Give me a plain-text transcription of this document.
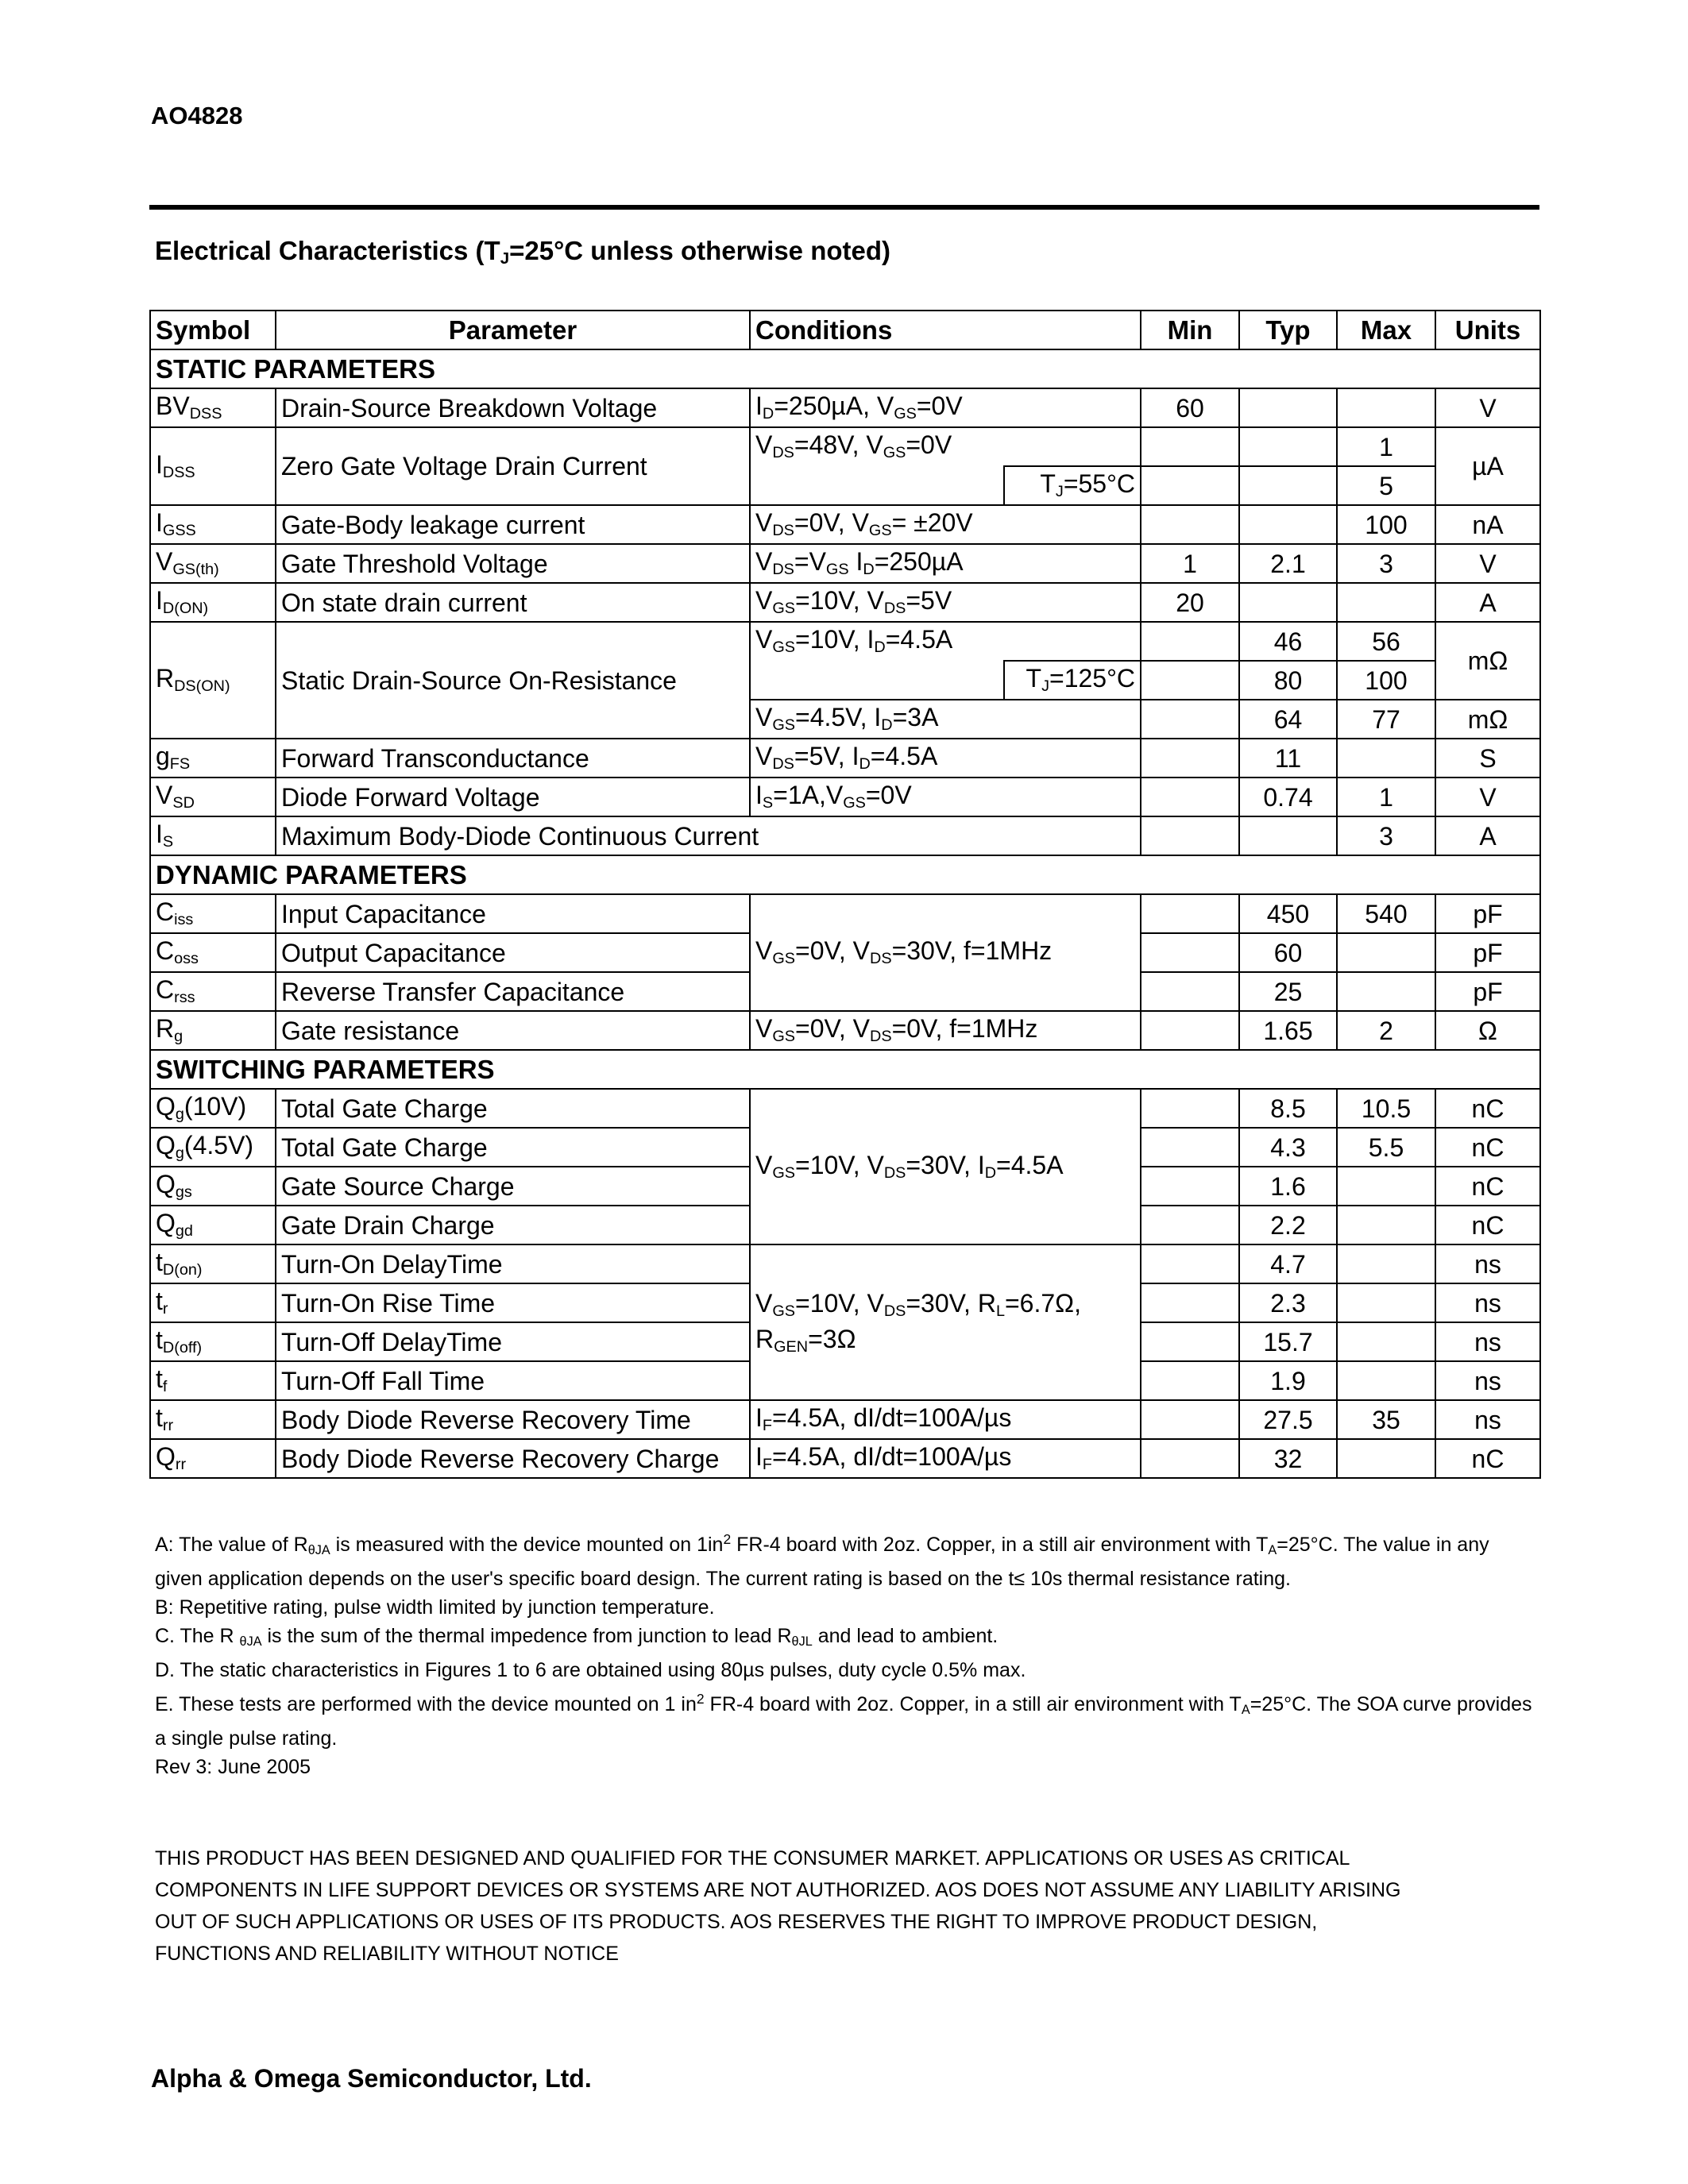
AO4828
Electrical Characteristics ($T_J=25^\circ C$ unless otherwise noted)
Symbol	Parameter	Conditions		Min	Typ	Max	Units
STATIC PARAMETERS							
$BV_{DSS}$	Drain-Source Breakdown Voltage	$I_D=250\mu A$, $V_{GS}=0V$		60			V
$I_{DSS}$	Zero Gate Voltage Drain Current	$V_{DS}=48V$, $V_{GS}=0V$				1	µA
			$T_J=55^\circ C$			5	
$I_{GSS}$	Gate-Body leakage current	$V_{DS}=0V$, $V_{GS}= \pm 20V$				100	nA
$V_{GS(th)}$	Gate Threshold Voltage	$V_{DS}=V_{GS}$ $I_D=250\mu A$		1	2.1	3	V
$I_{D(ON)}$	On state drain current	$V_{GS}=10V$, $V_{DS}=5V$		20			A
$R_{DS(ON)}$	Static Drain-Source On-Resistance	$V_{GS}=10V$, $I_D=4.5A$			46	56	mΩ
			$T_J=125^\circ C$		80	100	
		$V_{GS}=4.5V$, $I_D=3A$			64	77	mΩ
$g_{FS}$	Forward Transconductance	$V_{DS}=5V$, $I_D=4.5A$			11		S
$V_{SD}$	Diode Forward Voltage	$I_S=1A,V_{GS}=0V$			0.74	1	V
$I_S$	Maximum Body-Diode Continuous Current					3	A
DYNAMIC PARAMETERS							
$C_{iss}$	Input Capacitance	$V_{GS}=0V$, $V_{DS}=30V$, f=1MHz			450	540	pF
$C_{oss}$	Output Capacitance				60		pF
$C_{rss}$	Reverse Transfer Capacitance				25		pF
$R_g$	Gate resistance	$V_{GS}=0V$, $V_{DS}=0V$, f=1MHz			1.65	2	Ω
SWITCHING PARAMETERS							
$Q_g(10V)$	Total Gate Charge	$V_{GS}=10V$, $V_{DS}=30V$, $I_D=4.5A$			8.5	10.5	nC
$Q_g(4.5V)$	Total Gate Charge				4.3	5.5	nC
$Q_{gs}$	Gate Source Charge				1.6		nC
$Q_{gd}$	Gate Drain Charge				2.2		nC
$t_{D(on)}$	Turn-On DelayTime	$V_{GS}=10V$, $V_{DS}=30V$, $R_L=6.7\Omega$, $R_{GEN}=3\Omega$			4.7		ns
$t_r$	Turn-On Rise Time				2.3		ns
$t_{D(off)}$	Turn-Off DelayTime				15.7		ns
$t_f$	Turn-Off Fall Time				1.9		ns
$t_{rr}$	Body Diode Reverse Recovery Time	$I_F=4.5A$, dI/dt=100A/µs			27.5	35	ns
$Q_{rr}$	Body Diode Reverse Recovery Charge	$I_F=4.5A$, dI/dt=100A/µs			32		nC

A: The value of $R_{\theta JA}$ is measured with the device mounted on $1in^2$ FR-4 board with 2oz. Copper, in a still air environment with $T_A=25^\circ C$. The value in any given application depends on the user's specific board design. The current rating is based on the t≤ 10s thermal resistance rating.

B: Repetitive rating, pulse width limited by junction temperature.

C. The R $_{\theta JA}$ is the sum of the thermal impedence from junction to lead $R_{\theta JL}$ and lead to ambient.

D. The static characteristics in Figures 1 to 6 are obtained using 80µs pulses, duty cycle 0.5% max.

E. These tests are performed with the device mounted on 1 $in^2$ FR-4 board with 2oz. Copper, in a still air environment with $T_A=25^\circ C$. The SOA curve provides a single pulse rating.

Rev 3: June 2005

THIS PRODUCT HAS BEEN DESIGNED AND QUALIFIED FOR THE CONSUMER MARKET. APPLICATIONS OR USES AS CRITICAL

COMPONENTS IN LIFE SUPPORT DEVICES OR SYSTEMS ARE NOT AUTHORIZED. AOS DOES NOT ASSUME ANY LIABILITY ARISING

OUT OF SUCH APPLICATIONS OR USES OF ITS PRODUCTS. AOS RESERVES THE RIGHT TO IMPROVE PRODUCT DESIGN,

FUNCTIONS AND RELIABILITY WITHOUT NOTICE

Alpha & Omega Semiconductor, Ltd.
